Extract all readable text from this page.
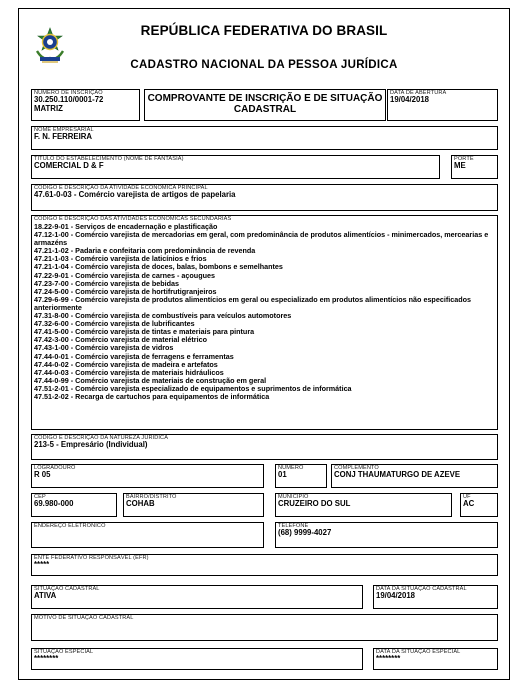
REPÚBLICA FEDERATIVA DO BRASIL
CADASTRO NACIONAL DA PESSOA JURÍDICA
NÚMERO DE INSCRIÇÃO
30.250.110/0001-72
MATRIZ
COMPROVANTE DE INSCRIÇÃO E DE SITUAÇÃO
CADASTRAL
DATA DE ABERTURA
19/04/2018
NOME EMPRESARIAL
F. N. FERREIRA
TÍTULO DO ESTABELECIMENTO (NOME DE FANTASIA)
COMERCIAL D & F
PORTE
ME
CÓDIGO E DESCRIÇÃO DA ATIVIDADE ECONÔMICA PRINCIPAL
47.61-0-03 - Comércio varejista de artigos de papelaria
CÓDIGO E DESCRIÇÃO DAS ATIVIDADES ECONÔMICAS SECUNDÁRIAS
18.22-9-01 - Serviços de encadernação e plastificação
47.12-1-00 - Comércio varejista de mercadorias em geral, com predominância de produtos alimentícios - minimercados, mercearias e armazéns
47.21-1-02 - Padaria e confeitaria com predominância de revenda
47.21-1-03 - Comércio varejista de laticínios e frios
47.21-1-04 - Comércio varejista de doces, balas, bombons e semelhantes
47.22-9-01 - Comércio varejista de carnes - açougues
47.23-7-00 - Comércio varejista de bebidas
47.24-5-00 - Comércio varejista de hortifrutigranjeiros
47.29-6-99 - Comércio varejista de produtos alimentícios em geral ou especializado em produtos alimentícios não especificados anteriormente
47.31-8-00 - Comércio varejista de combustíveis para veículos automotores
47.32-6-00 - Comércio varejista de lubrificantes
47.41-5-00 - Comércio varejista de tintas e materiais para pintura
47.42-3-00 - Comércio varejista de material elétrico
47.43-1-00 - Comércio varejista de vidros
47.44-0-01 - Comércio varejista de ferragens e ferramentas
47.44-0-02 - Comércio varejista de madeira e artefatos
47.44-0-03 - Comércio varejista de materiais hidráulicos
47.44-0-99 - Comércio varejista de materiais de construção em geral
47.51-2-01 - Comércio varejista especializado de equipamentos e suprimentos de informática
47.51-2-02 - Recarga de cartuchos para equipamentos de informática
CÓDIGO E DESCRIÇÃO DA NATUREZA JURÍDICA
213-5 - Empresário (Individual)
LOGRADOURO
R 05
NÚMERO
01
COMPLEMENTO
CONJ THAUMATURGO DE AZEVE
CEP
69.980-000
BAIRRO/DISTRITO
COHAB
MUNICÍPIO
CRUZEIRO DO SUL
UF
AC
ENDEREÇO ELETRÔNICO	TELEFONE
(68) 9999-4027
ENTE FEDERATIVO RESPONSÁVEL (EFR)
*****
SITUAÇÃO CADASTRAL
ATIVA
DATA DA SITUAÇÃO CADASTRAL
19/04/2018
MOTIVO DE SITUAÇÃO CADASTRAL
SITUAÇÃO ESPECIAL
********
DATA DA SITUAÇÃO ESPECIAL
********
